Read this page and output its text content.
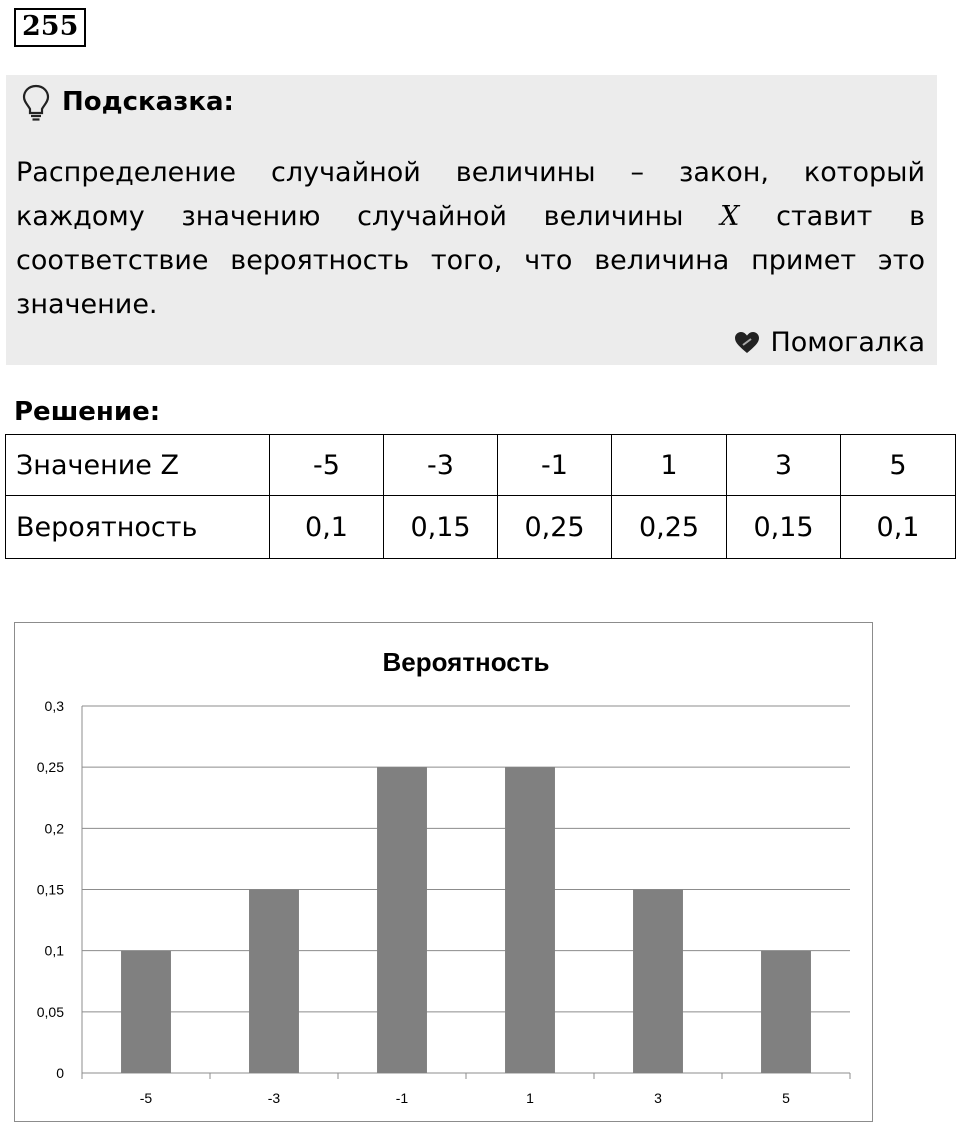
255
Подсказка:
Распределение случайной величины – закон, который каждому значению случайной величины X ставит в соответствие вероятность того, что величина примет это значение.
Помогалка
Решение:
Значение Z	-5	-3	-1	1	3	5
Вероятность	0,1	0,15	0,25	0,25	0,15	0,1
Вероятность
0
0,05
0,1
0,15
0,2
0,25
0,3
-5	-3	-1	1	3	5
